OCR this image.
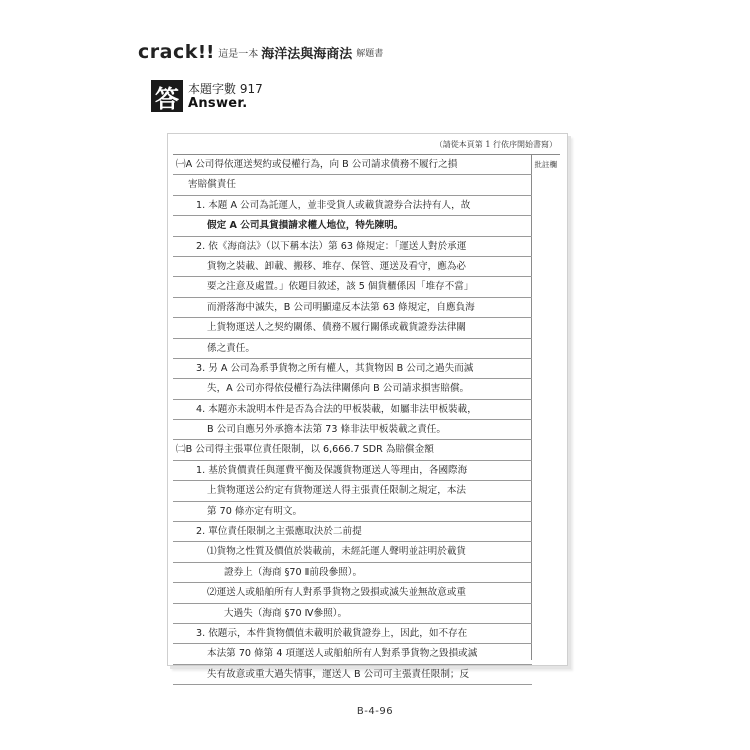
crack !! 這是一本 海洋法與海商法 解題書
答 本題字數 917
Answer.
（請從本頁第 1 行依序開始書寫）
批註欄
㈠A 公司得依運送契約或侵權行為，向 B 公司請求債務不履行之損
害賠償責任
1. 本題 A 公司為託運人，並非受貨人或載貨證券合法持有人，故
假定 A 公司具貨損請求權人地位，特先陳明。
2. 依《海商法》（以下稱本法）第 63 條規定：「運送人對於承運
貨物之裝載、卸載、搬移、堆存、保管、運送及看守，應為必
要之注意及處置。」依題目敘述，該 5 個貨櫃係因「堆存不當」
而滑落海中滅失，B 公司明顯違反本法第 63 條規定，自應負海
上貨物運送人之契約關係、債務不履行關係或載貨證券法律關
係之責任。
3. 另 A 公司為系爭貨物之所有權人，其貨物因 B 公司之過失而滅
失，A 公司亦得依侵權行為法律關係向 B 公司請求損害賠償。
4. 本題亦未說明本件是否為合法的甲板裝載，如屬非法甲板裝載，
B 公司自應另外承擔本法第 73 條非法甲板裝載之責任。
㈡B 公司得主張單位責任限制，以 6,666.7 SDR 為賠償金額
1. 基於貨價責任與運費平衡及保護貨物運送人等理由，各國際海
上貨物運送公約定有貨物運送人得主張責任限制之規定，本法
第 70 條亦定有明文。
2. 單位責任限制之主張應取決於二前提
⑴貨物之性質及價值於裝載前，未經託運人聲明並註明於載貨
證券上（海商 §70 Ⅱ前段參照）。
⑵運送人或船舶所有人對系爭貨物之毀損或滅失並無故意或重
大過失（海商 §70 Ⅳ參照）。
3. 依題示，本件貨物價值未載明於載貨證券上，因此，如不存在
本法第 70 條第 4 項運送人或船舶所有人對系爭貨物之毀損或滅
失有故意或重大過失情事，運送人 B 公司可主張責任限制；反
B-4-96
